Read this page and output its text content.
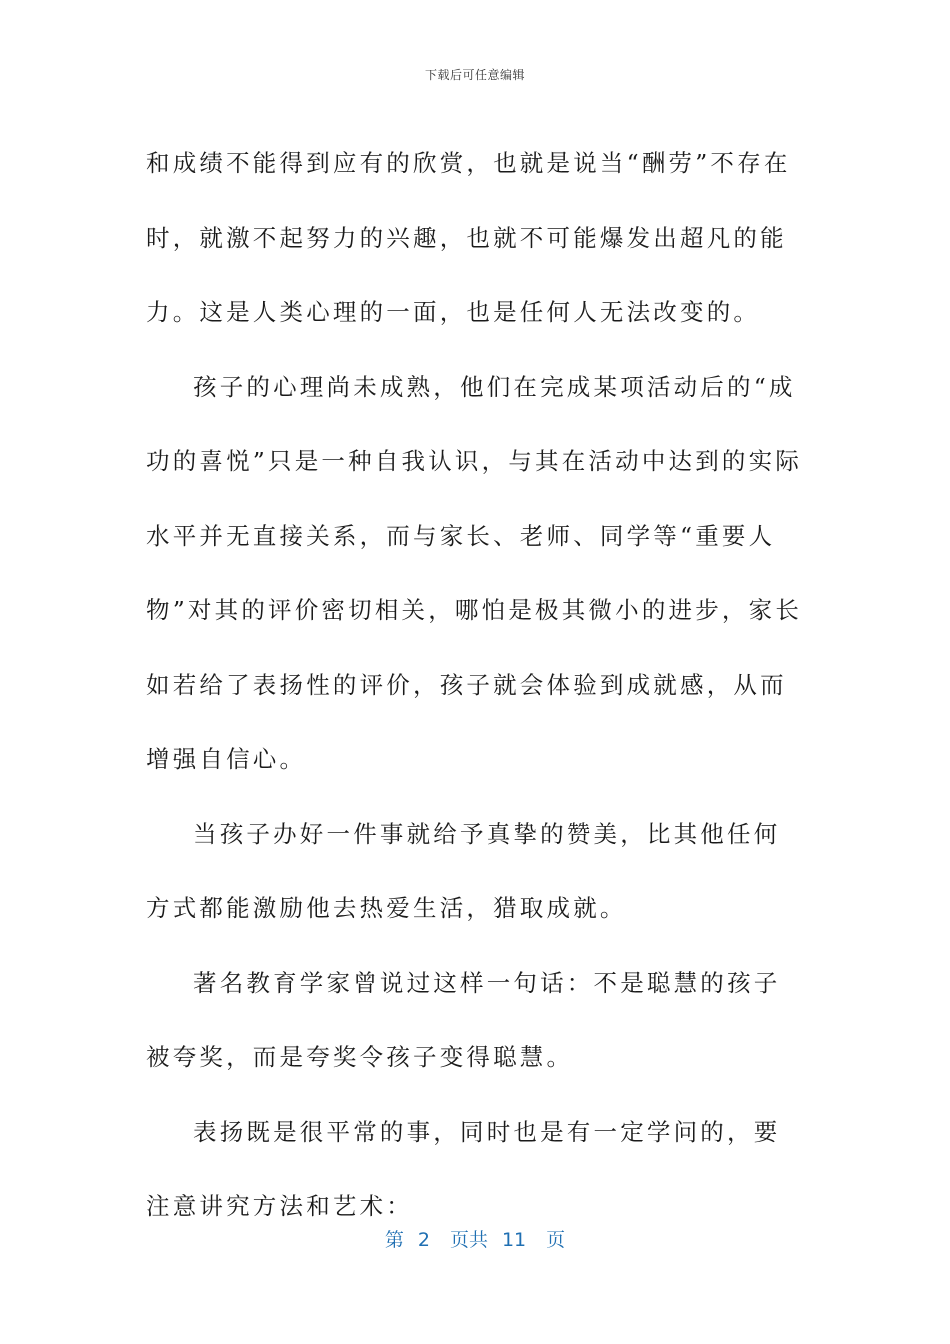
下载后可任意编辑

和成绩不能得到应有的欣赏，也就是说当“酬劳”不存在时，就激不起努力的兴趣，也就不可能爆发出超凡的能力。这是人类心理的一面，也是任何人无法改变的。

孩子的心理尚未成熟，他们在完成某项活动后的“成功的喜悦”只是一种自我认识，与其在活动中达到的实际水平并无直接关系，而与家长、老师、同学等“重要人物”对其的评价密切相关，哪怕是极其微小的进步，家长如若给了表扬性的评价，孩子就会体验到成就感，从而增强自信心。

当孩子办好一件事就给予真挚的赞美，比其他任何方式都能激励他去热爱生活，猎取成就。

著名教育学家曾说过这样一句话：不是聪慧的孩子被夸奖，而是夸奖令孩子变得聪慧。

表扬既是很平常的事，同时也是有一定学问的，要注意讲究方法和艺术：

第 2 页共 11 页
